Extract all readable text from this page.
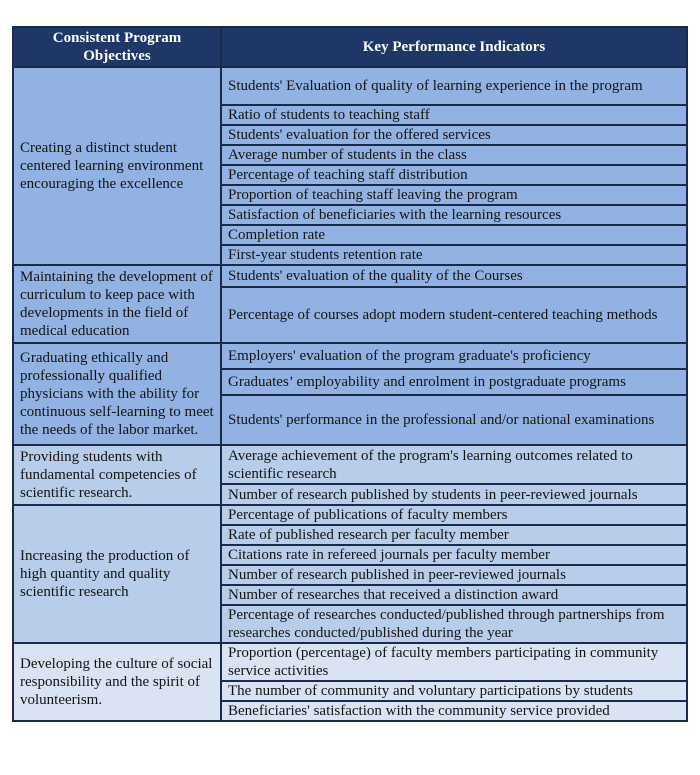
Consistent Program Objectives	Key Performance Indicators
Creating a distinct student centered learning environment encouraging the excellence	Students' Evaluation of quality of learning experience in the program
	Ratio of students to teaching staff
	Students' evaluation for the offered services
	Average number of students in the class
	Percentage of teaching staff distribution
	Proportion of teaching staff leaving the program
	Satisfaction of beneficiaries with the learning resources
	Completion rate
	First-year students retention rate
Maintaining the development of curriculum to keep pace with developments in the field of medical education	Students' evaluation of the quality of the Courses
	Percentage of courses adopt modern student-centered teaching methods
Graduating ethically and professionally qualified physicians with the ability for continuous self-learning to meet the needs of the labor market.	Employers' evaluation of the program graduate's proficiency
	Graduates’ employability and enrolment in postgraduate programs
	Students' performance in the professional and/or national examinations
Providing students with fundamental competencies of scientific research.	Average achievement of the program's learning outcomes related to scientific research
	Number of research published by students in peer-reviewed journals
Increasing the production of high quantity and quality scientific research	Percentage of publications of faculty members
	Rate of published research per faculty member
	Citations rate in refereed journals per faculty member
	Number of research published in peer-reviewed journals
	Number of researches that received a distinction award
	Percentage of researches conducted/published through partnerships from researches conducted/published during the year
Developing the culture of social responsibility and the spirit of volunteerism.	Proportion (percentage) of faculty members participating in community service activities
	The number of community and voluntary participations by students
	Beneficiaries' satisfaction with the community service provided
